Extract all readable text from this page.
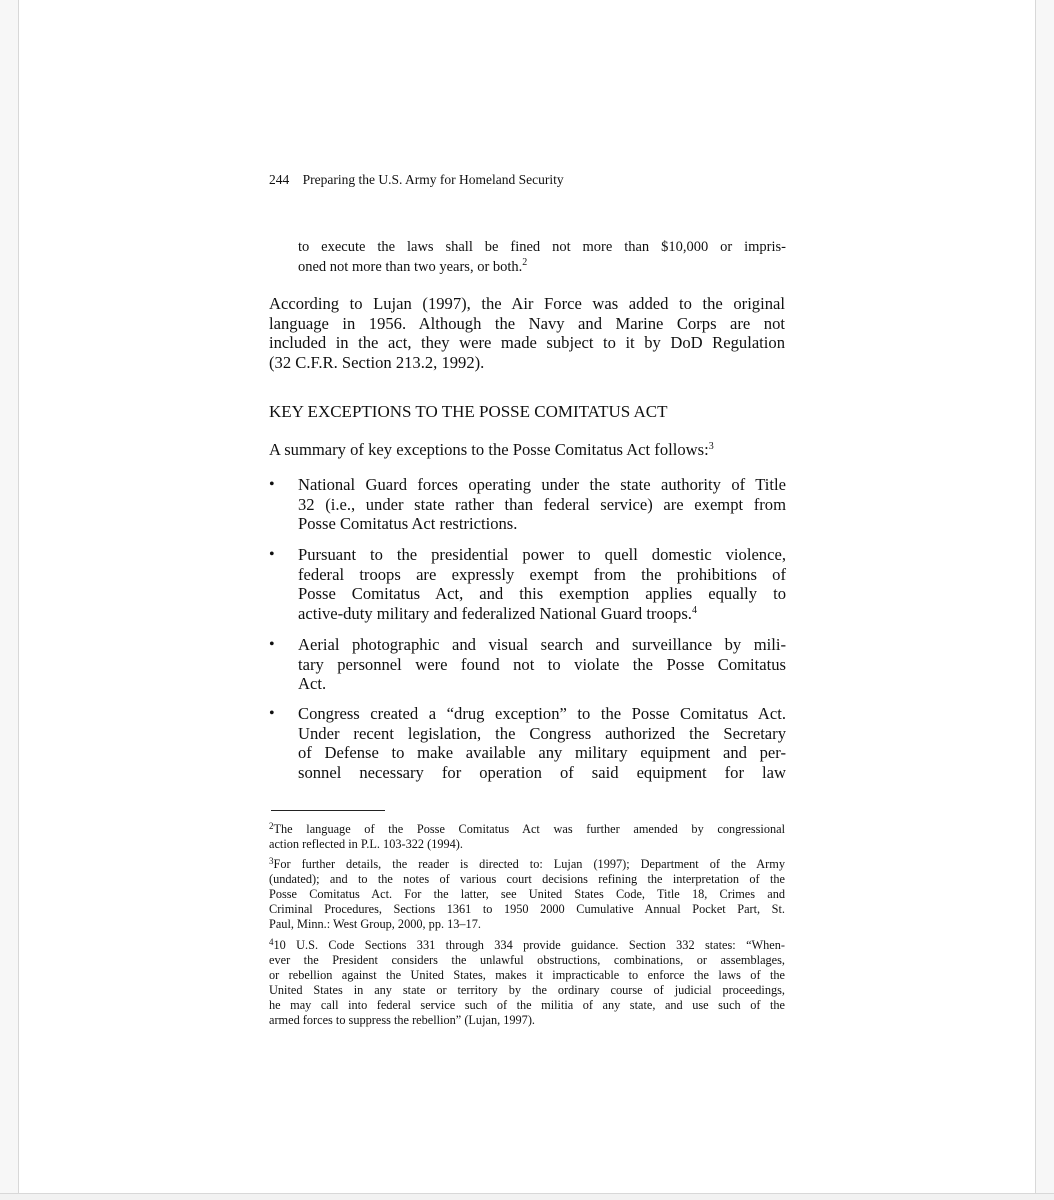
244 Preparing the U.S. Army for Homeland Security
to execute the laws shall be fined not more than $10,000 or impris-
oned not more than two years, or both.$^2$
According to Lujan (1997), the Air Force was added to the original
language in 1956. Although the Navy and Marine Corps are not
included in the act, they were made subject to it by DoD Regulation
(32 C.F.R. Section 213.2, 1992).
KEY EXCEPTIONS TO THE POSSE COMITATUS ACT
A summary of key exceptions to the Posse Comitatus Act follows:$^3$
• National Guard forces operating under the state authority of Title
32 (i.e., under state rather than federal service) are exempt from
Posse Comitatus Act restrictions.
• Pursuant to the presidential power to quell domestic violence,
federal troops are expressly exempt from the prohibitions of
Posse Comitatus Act, and this exemption applies equally to
active-duty military and federalized National Guard troops.$^4$
• Aerial photographic and visual search and surveillance by mili-
tary personnel were found not to violate the Posse Comitatus
Act.
• Congress created a “drug exception” to the Posse Comitatus Act.
Under recent legislation, the Congress authorized the Secretary
of Defense to make available any military equipment and per-
sonnel necessary for operation of said equipment for law
$^2$The language of the Posse Comitatus Act was further amended by congressional
action reflected in P.L. 103-322 (1994).
$^3$For further details, the reader is directed to: Lujan (1997); Department of the Army
(undated); and to the notes of various court decisions refining the interpretation of the
Posse Comitatus Act. For the latter, see United States Code, Title 18, Crimes and
Criminal Procedures, Sections 1361 to 1950 2000 Cumulative Annual Pocket Part, St.
Paul, Minn.: West Group, 2000, pp. 13–17.
$^4$10 U.S. Code Sections 331 through 334 provide guidance. Section 332 states: “When-
ever the President considers the unlawful obstructions, combinations, or assemblages,
or rebellion against the United States, makes it impracticable to enforce the laws of the
United States in any state or territory by the ordinary course of judicial proceedings,
he may call into federal service such of the militia of any state, and use such of the
armed forces to suppress the rebellion” (Lujan, 1997).
